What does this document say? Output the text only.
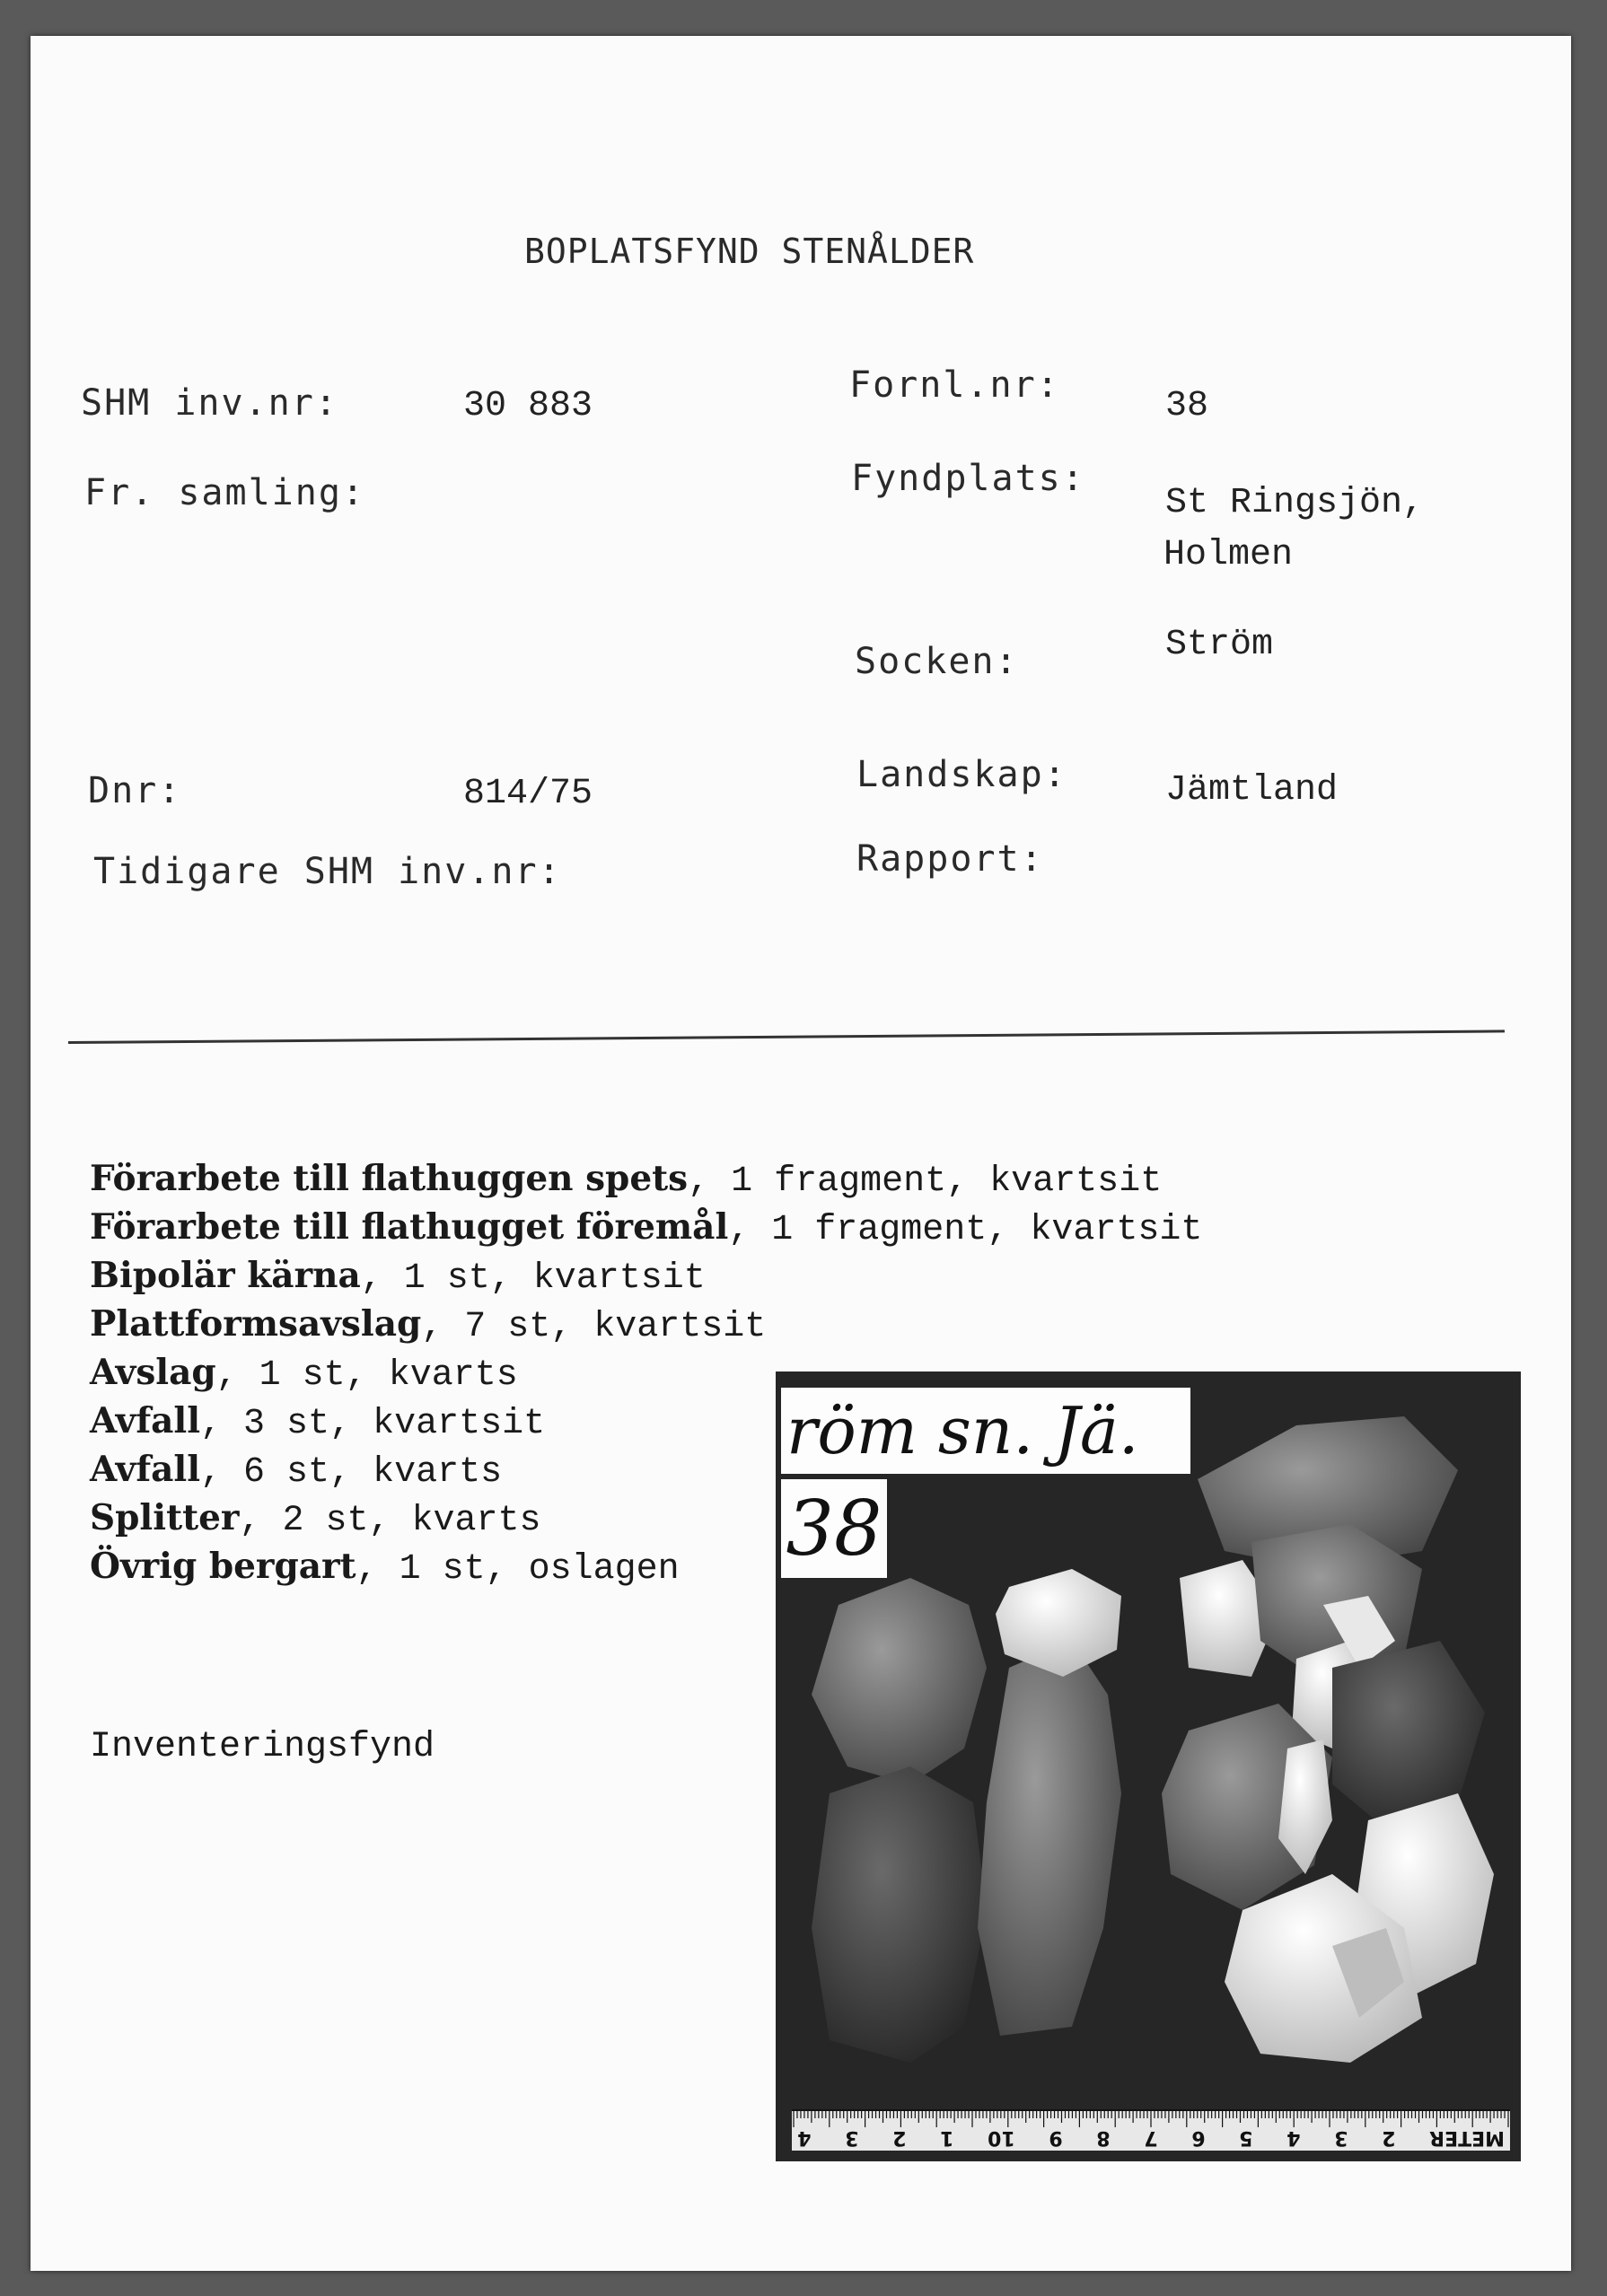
BOPLATSFYND STENÅLDER
SHM inv.nr:	30 883
Fr. samling:
Dnr:	814/75
Tidigare SHM inv.nr:
Fornl.nr:
38
Fyndplats:
St Ringsjön,
Holmen
Socken:	Ström
Landskap:	Jämtland
Rapport:
Förarbete till flathuggen spets, 1 fragment, kvartsit
Förarbete till flathugget föremål, 1 fragment, kvartsit
Bipolär kärna, 1 st, kvartsit
Plattformsavslag, 7 st, kvartsit
Avslag, 1 st, kvarts
Avfall, 3 st, kvartsit
Avfall, 6 st, kvarts
Splitter, 2 st, kvarts
Övrig bergart, 1 st, oslagen
Inventeringsfynd
röm sn. Jä.
38
METER
2
3
4
5
6
7
8
9
10
1
2
3
4
